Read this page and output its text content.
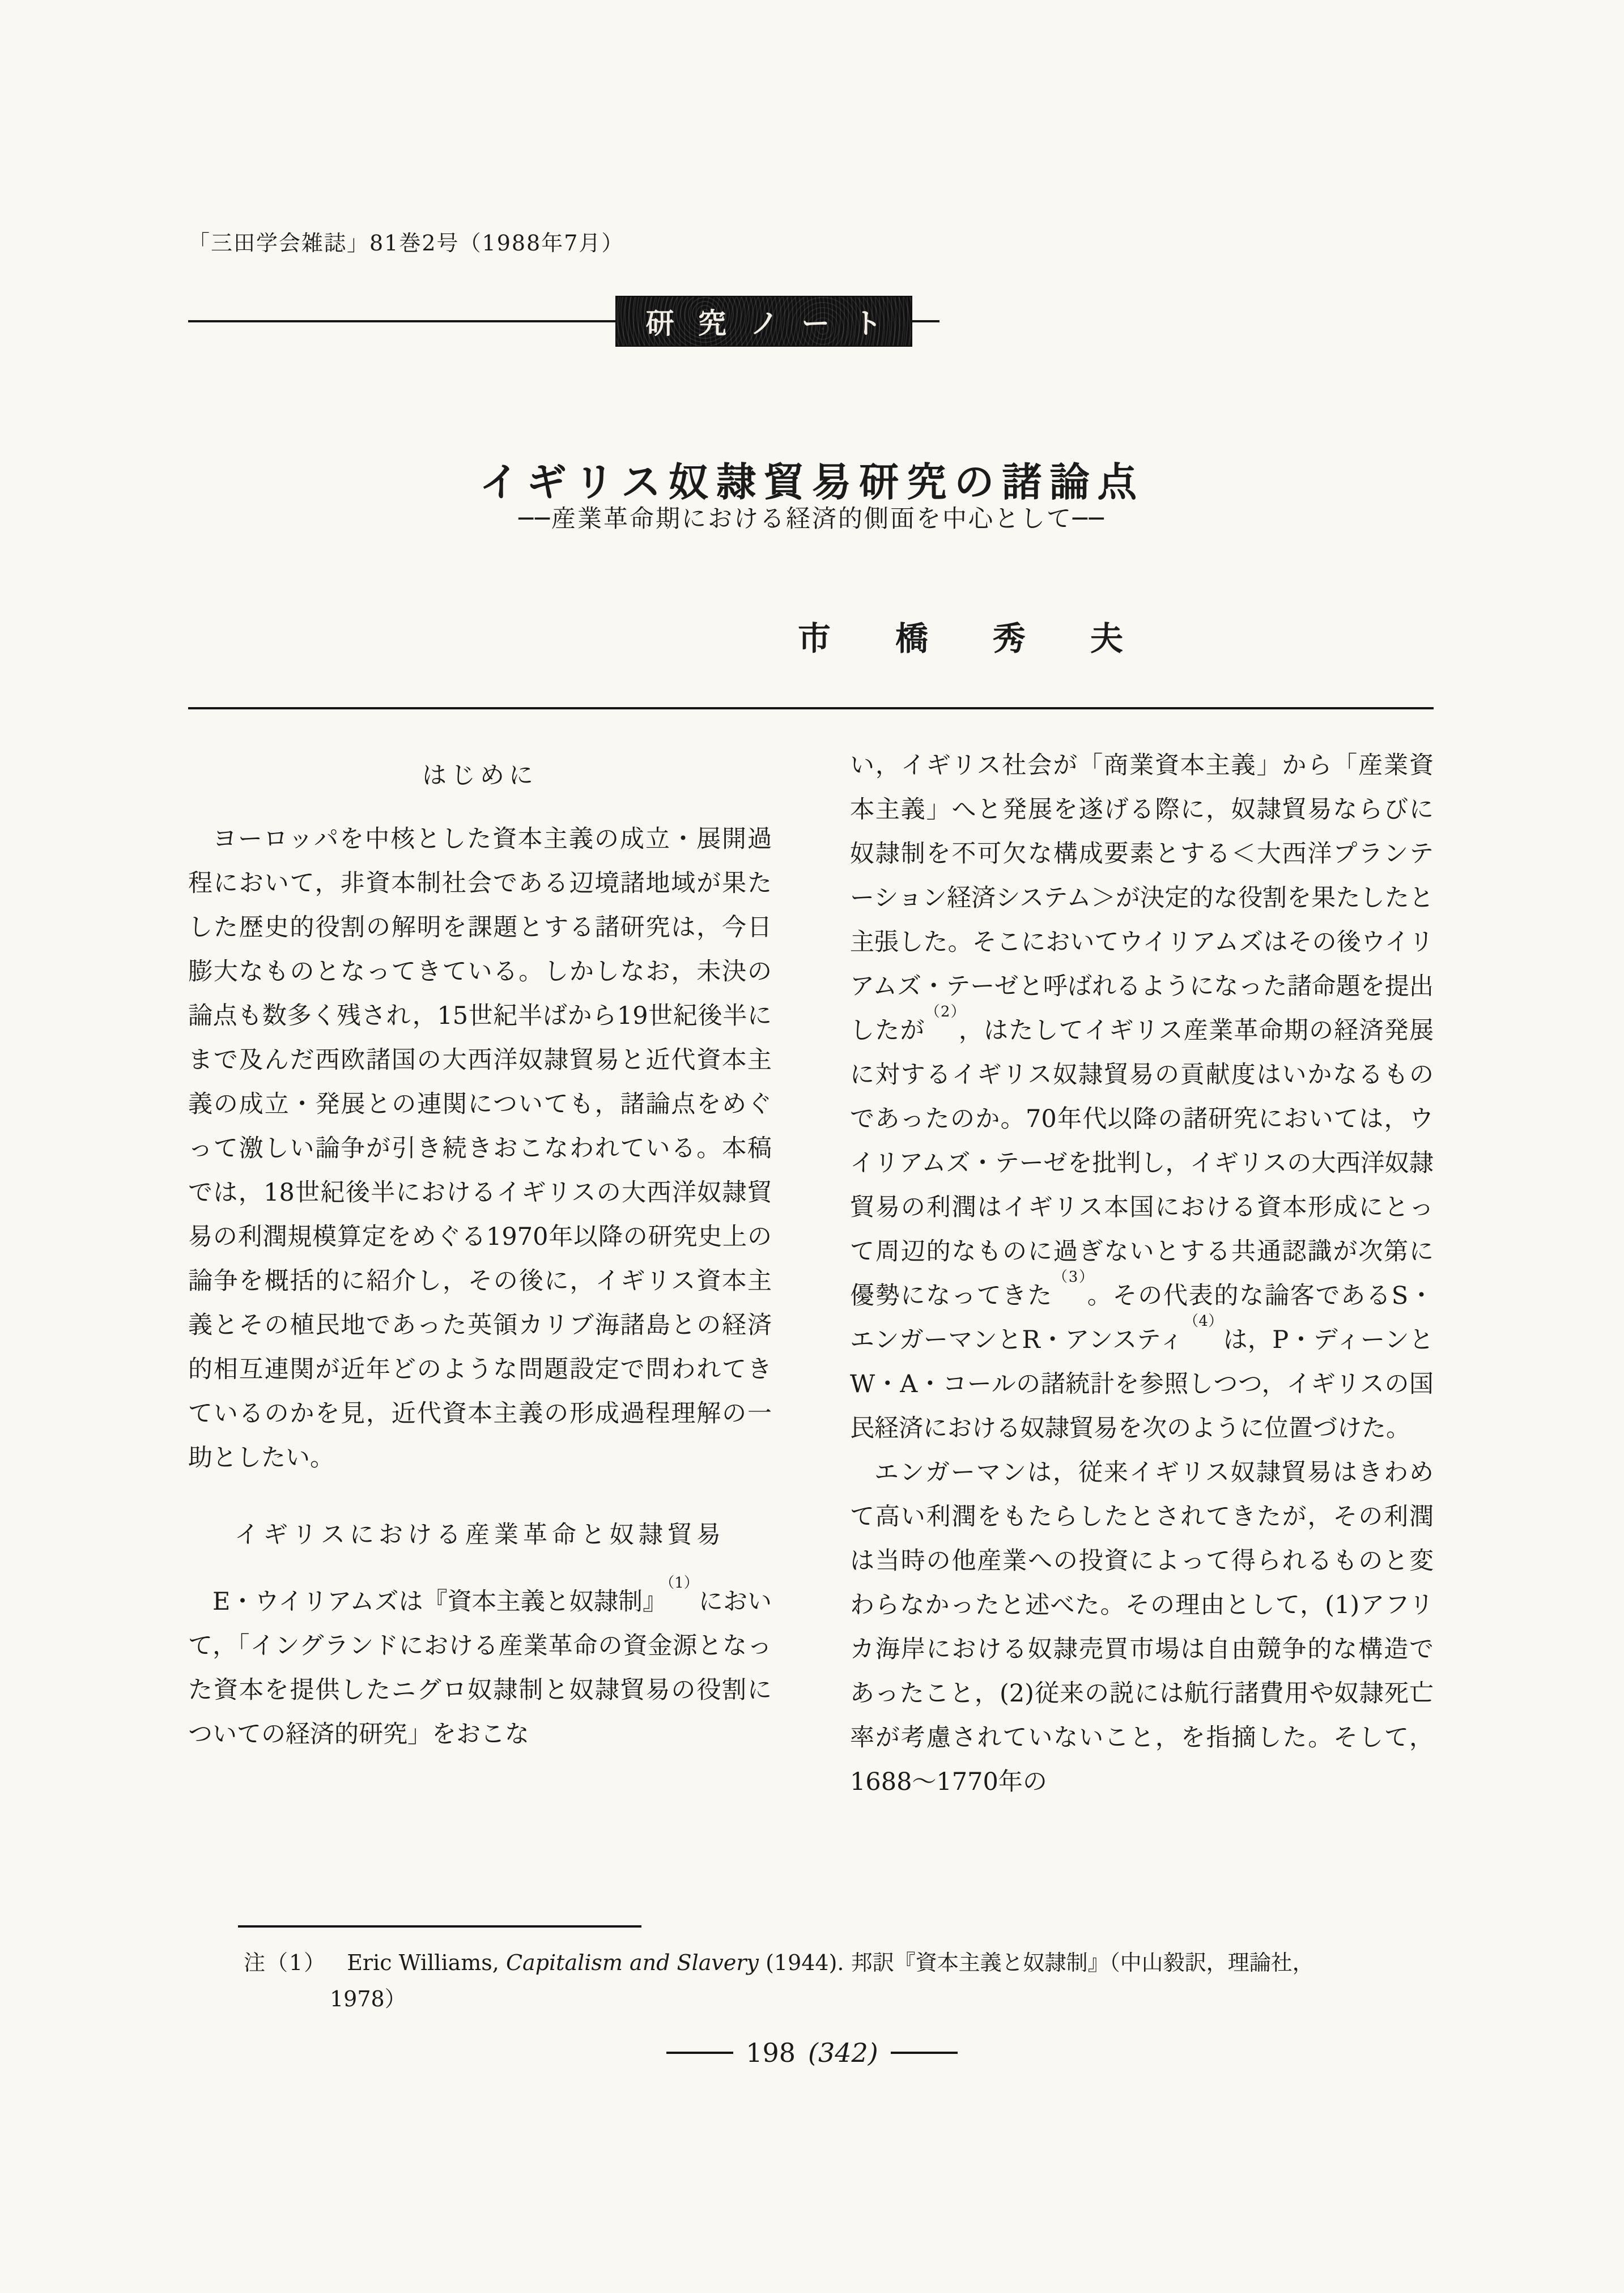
「三田学会雑誌」81巻2号（1988年7月）
研究ノート
イギリス奴隷貿易研究の諸論点
──産業革命期における経済的側面を中心として──
市　橋　秀　夫
はじめに

ヨーロッパを中核とした資本主義の成立・展開過程において，非資本制社会である辺境諸地域が果たした歴史的役割の解明を課題とする諸研究は，今日膨大なものとなってきている。しかしなお，未決の論点も数多く残され，15世紀半ばから19世紀後半にまで及んだ西欧諸国の大西洋奴隷貿易と近代資本主義の成立・発展との連関についても，諸論点をめぐって激しい論争が引き続きおこなわれている。本稿では，18世紀後半におけるイギリスの大西洋奴隷貿易の利潤規模算定をめぐる1970年以降の研究史上の論争を概括的に紹介し，その後に，イギリス資本主義とその植民地であった英領カリブ海諸島との経済的相互連関が近年どのような問題設定で問われてきているのかを見，近代資本主義の形成過程理解の一助としたい。

イギリスにおける産業革命と奴隷貿易

E・ウイリアムズは『資本主義と奴隷制』$^{(1)}$において，「イングランドにおける産業革命の資金源となった資本を提供したニグロ奴隷制と奴隷貿易の役割についての経済的研究」をおこな

い，イギリス社会が「商業資本主義」から「産業資本主義」へと発展を遂げる際に，奴隷貿易ならびに奴隷制を不可欠な構成要素とする＜大西洋プランテーション経済システム＞が決定的な役割を果たしたと主張した。そこにおいてウイリアムズはその後ウイリアムズ・テーゼと呼ばれるようになった諸命題を提出したが$^{(2)}$，はたしてイギリス産業革命期の経済発展に対するイギリス奴隷貿易の貢献度はいかなるものであったのか。70年代以降の諸研究においては，ウイリアムズ・テーゼを批判し，イギリスの大西洋奴隷貿易の利潤はイギリス本国における資本形成にとって周辺的なものに過ぎないとする共通認識が次第に優勢になってきた$^{(3)}$。その代表的な論客であるS・エンガーマンとR・アンスティ$^{(4)}$は，P・ディーンとW・A・コールの諸統計を参照しつつ，イギリスの国民経済における奴隷貿易を次のように位置づけた。

エンガーマンは，従来イギリス奴隷貿易はきわめて高い利潤をもたらしたとされてきたが，その利潤は当時の他産業への投資によって得られるものと変わらなかったと述べた。その理由として，(1)アフリカ海岸における奴隷売買市場は自由競争的な構造であったこと，(2)従来の説には航行諸費用や奴隷死亡率が考慮されていないこと，を指摘した。そして，1688〜1770年の

注（1） Eric Williams, Capitalism and Slavery (1944). 邦訳『資本主義と奴隷制』（中山毅訳，理論社，
1978）
198 (342)
